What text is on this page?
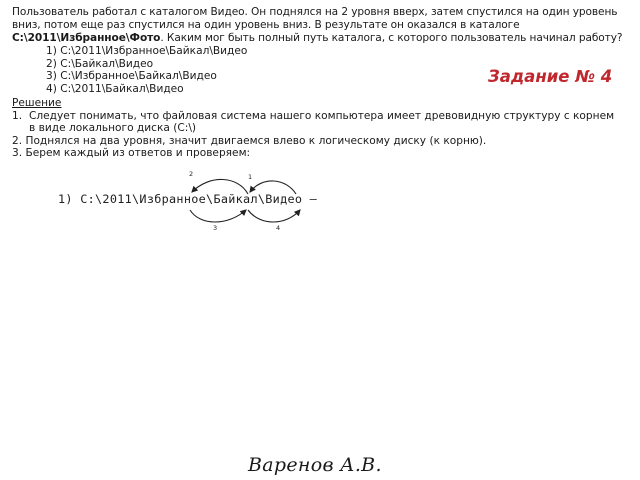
Пользователь работал с каталогом Видео. Он поднялся на 2 уровня вверх, затем спустился на один уровень вниз, потом еще раз спустился на один уровень вниз. В результате он оказался в каталоге C:\2011\Избранное\Фото. Каким мог быть полный путь каталога, с которого пользователь начинал работу?
1) C:\2011\Избранное\Байкал\Видео
2) C:\Байкал\Видео
3) C:\Избранное\Байкал\Видео
4) C:\2011\Байкал\Видео
Задание № 4
Решение
1. Следует понимать, что файловая система нашего компьютера имеет древовидную структуру с корнем
в виде локального диска (С:\)
2. Поднялся на два уровня, значит двигаемся влево к логическому диску (к корню).
3. Берем каждый из ответов и проверяем:
2	1
3	4
1) C:\2011\Избранное\Байкал\Видео –
Варенов А.В.
